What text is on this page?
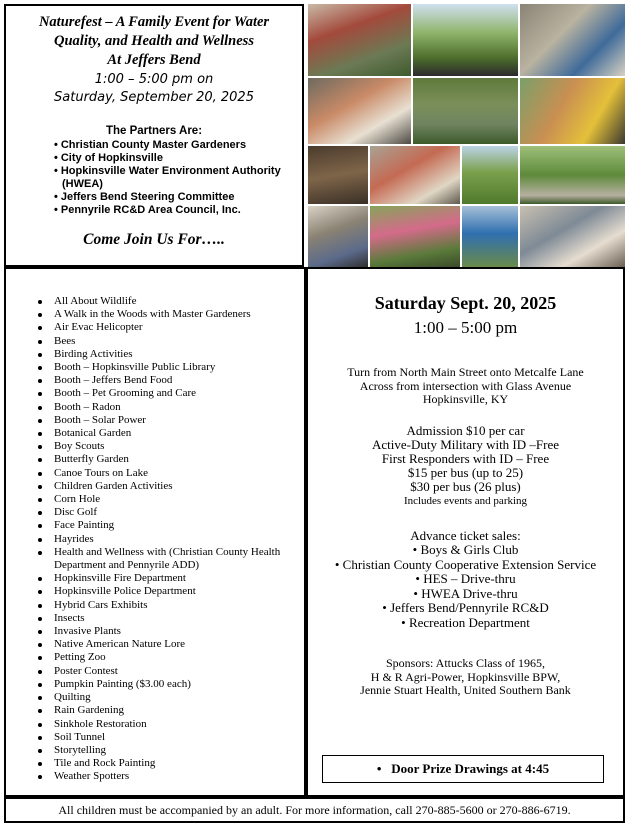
Naturefest – A Family Event for Water
Quality, and Health and Wellness
At Jeffers Bend
1:00 – 5:00 pm on
Saturday, September 20, 2025
The Partners Are:
• Christian County Master Gardeners
• City of Hopkinsville
• Hopkinsville Water Environment Authority (HWEA)
• Jeffers Bend Steering Committee
• Pennyrile RC&D Area Council, Inc.
Come Join Us For…..
All About Wildlife
A Walk in the Woods with Master Gardeners
Air Evac Helicopter
Bees
Birding Activities
Booth – Hopkinsville Public Library
Booth – Jeffers Bend Food
Booth – Pet Grooming and Care
Booth – Radon
Booth – Solar Power
Botanical Garden
Boy Scouts
Butterfly Garden
Canoe Tours on Lake
Children Garden Activities
Corn Hole
Disc Golf
Face Painting
Hayrides
Health and Wellness with (Christian County Health Department and Pennyrile ADD)
Hopkinsville Fire Department
Hopkinsville Police Department
Hybrid Cars Exhibits
Insects
Invasive Plants
Native American Nature Lore
Petting Zoo
Poster Contest
Pumpkin Painting ($3.00 each)
Quilting
Rain Gardening
Sinkhole Restoration
Soil Tunnel
Storytelling
Tile and Rock Painting
Weather Spotters
Saturday Sept. 20, 2025
1:00 – 5:00 pm
Turn from North Main Street onto Metcalfe Lane
Across from intersection with Glass Avenue
Hopkinsville, KY
Admission $10 per car
Active-Duty Military with ID –Free
First Responders with ID – Free
$15 per bus (up to 25)
$30 per bus (26 plus)
Includes events and parking
Advance ticket sales:
• Boys & Girls Club
• Christian County Cooperative Extension Service
• HES – Drive-thru
• HWEA Drive-thru
• Jeffers Bend/Pennyrile RC&D
• Recreation Department
Sponsors: Attucks Class of 1965,
H & R Agri-Power, Hopkinsville BPW,
Jennie Stuart Health, United Southern Bank
•   Door Prize Drawings at 4:45
All children must be accompanied by an adult. For more information, call 270-885-5600 or 270-886-6719.
